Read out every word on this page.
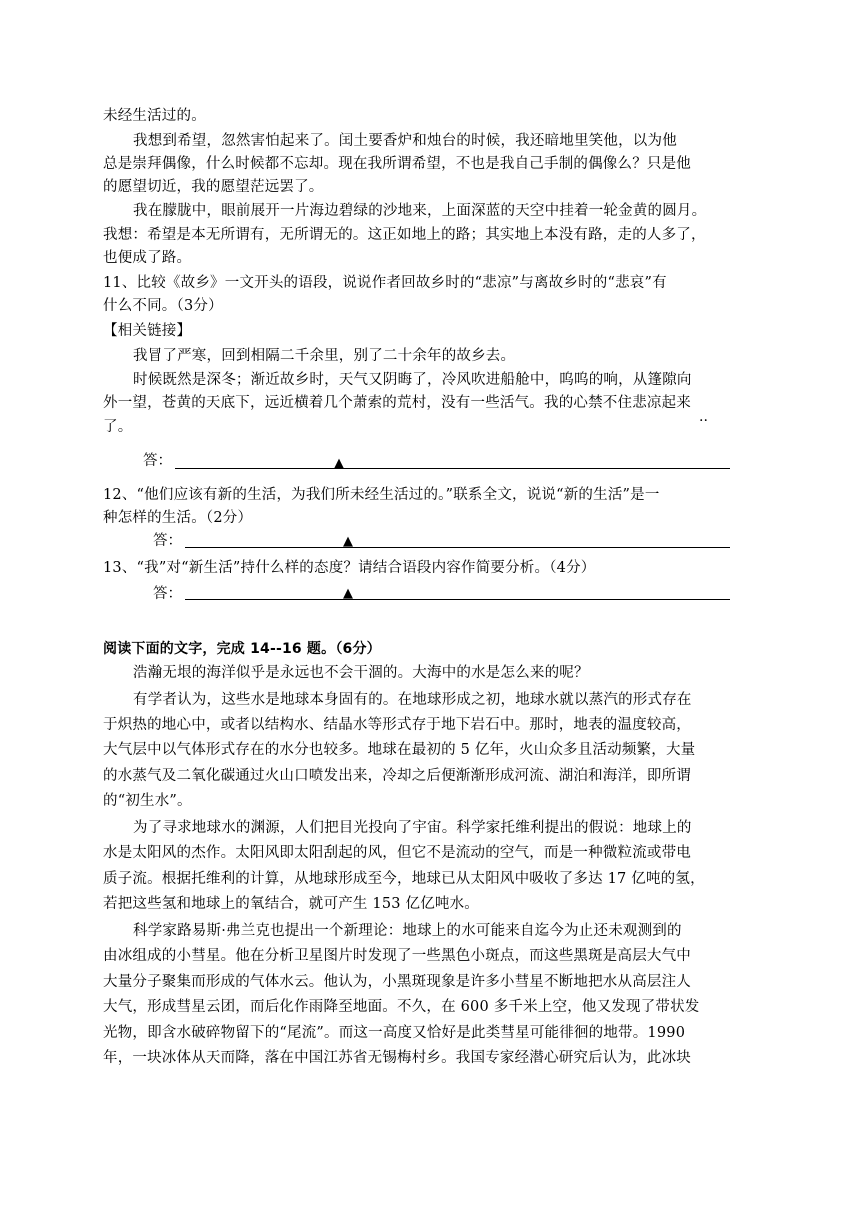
未经生活过的。
我想到希望，忽然害怕起来了。闰土要香炉和烛台的时候，我还暗地里笑他，以为他
总是崇拜偶像，什么时候都不忘却。现在我所谓希望，不也是我自己手制的偶像么？只是他
的愿望切近，我的愿望茫远罢了。
我在朦胧中，眼前展开一片海边碧绿的沙地来，上面深蓝的天空中挂着一轮金黄的圆月。
我想：希望是本无所谓有，无所谓无的。这正如地上的路；其实地上本没有路，走的人多了，
也便成了路。
11、比较《故乡》一文开头的语段，说说作者回故乡时的“悲凉”与离故乡时的“悲哀”有
什么不同。（3分）
【相关链接】
我冒了严寒，回到相隔二千余里，别了二十余年的故乡去。
时候既然是深冬；渐近故乡时，天气又阴晦了，冷风吹进船舱中，呜呜的响，从篷隙向
外一望，苍黄的天底下，远近横着几个萧索的荒村，没有一些活气。我的心禁不住悲凉起来
..
了。
答：	▲
12、“他们应该有新的生活，为我们所未经生活过的。”联系全文，说说“新的生活”是一
种怎样的生活。（2分）
答：	▲
13、“我”对“新生活”持什么样的态度？请结合语段内容作简要分析。（4分）
答：	▲
阅读下面的文字，完成 14--16 题。（6分）
浩瀚无垠的海洋似乎是永远也不会干涸的。大海中的水是怎么来的呢？
有学者认为，这些水是地球本身固有的。在地球形成之初，地球水就以蒸汽的形式存在
于炽热的地心中，或者以结构水、结晶水等形式存于地下岩石中。那时，地表的温度较高，
大气层中以气体形式存在的水分也较多。地球在最初的 5 亿年，火山众多且活动频繁，大量
的水蒸气及二氧化碳通过火山口喷发出来，冷却之后便渐渐形成河流、湖泊和海洋，即所谓
的“初生水”。
为了寻求地球水的渊源，人们把目光投向了宇宙。科学家托维利提出的假说：地球上的
水是太阳风的杰作。太阳风即太阳刮起的风，但它不是流动的空气，而是一种微粒流或带电
质子流。根据托维利的计算，从地球形成至今，地球已从太阳风中吸收了多达 17 亿吨的氢，
若把这些氢和地球上的氧结合，就可产生 153 亿亿吨水。
科学家路易斯·弗兰克也提出一个新理论：地球上的水可能来自迄今为止还未观测到的
由冰组成的小彗星。他在分析卫星图片时发现了一些黑色小斑点，而这些黑斑是高层大气中
大量分子聚集而形成的气体水云。他认为，小黑斑现象是许多小彗星不断地把水从高层注人
大气，形成彗星云团，而后化作雨降至地面。不久，在 600 多千米上空，他又发现了带状发
光物，即含水破碎物留下的“尾流”。而这一高度又恰好是此类彗星可能徘徊的地带。1990
年，一块冰体从天而降，落在中国江苏省无锡梅村乡。我国专家经潜心研究后认为，此冰块
